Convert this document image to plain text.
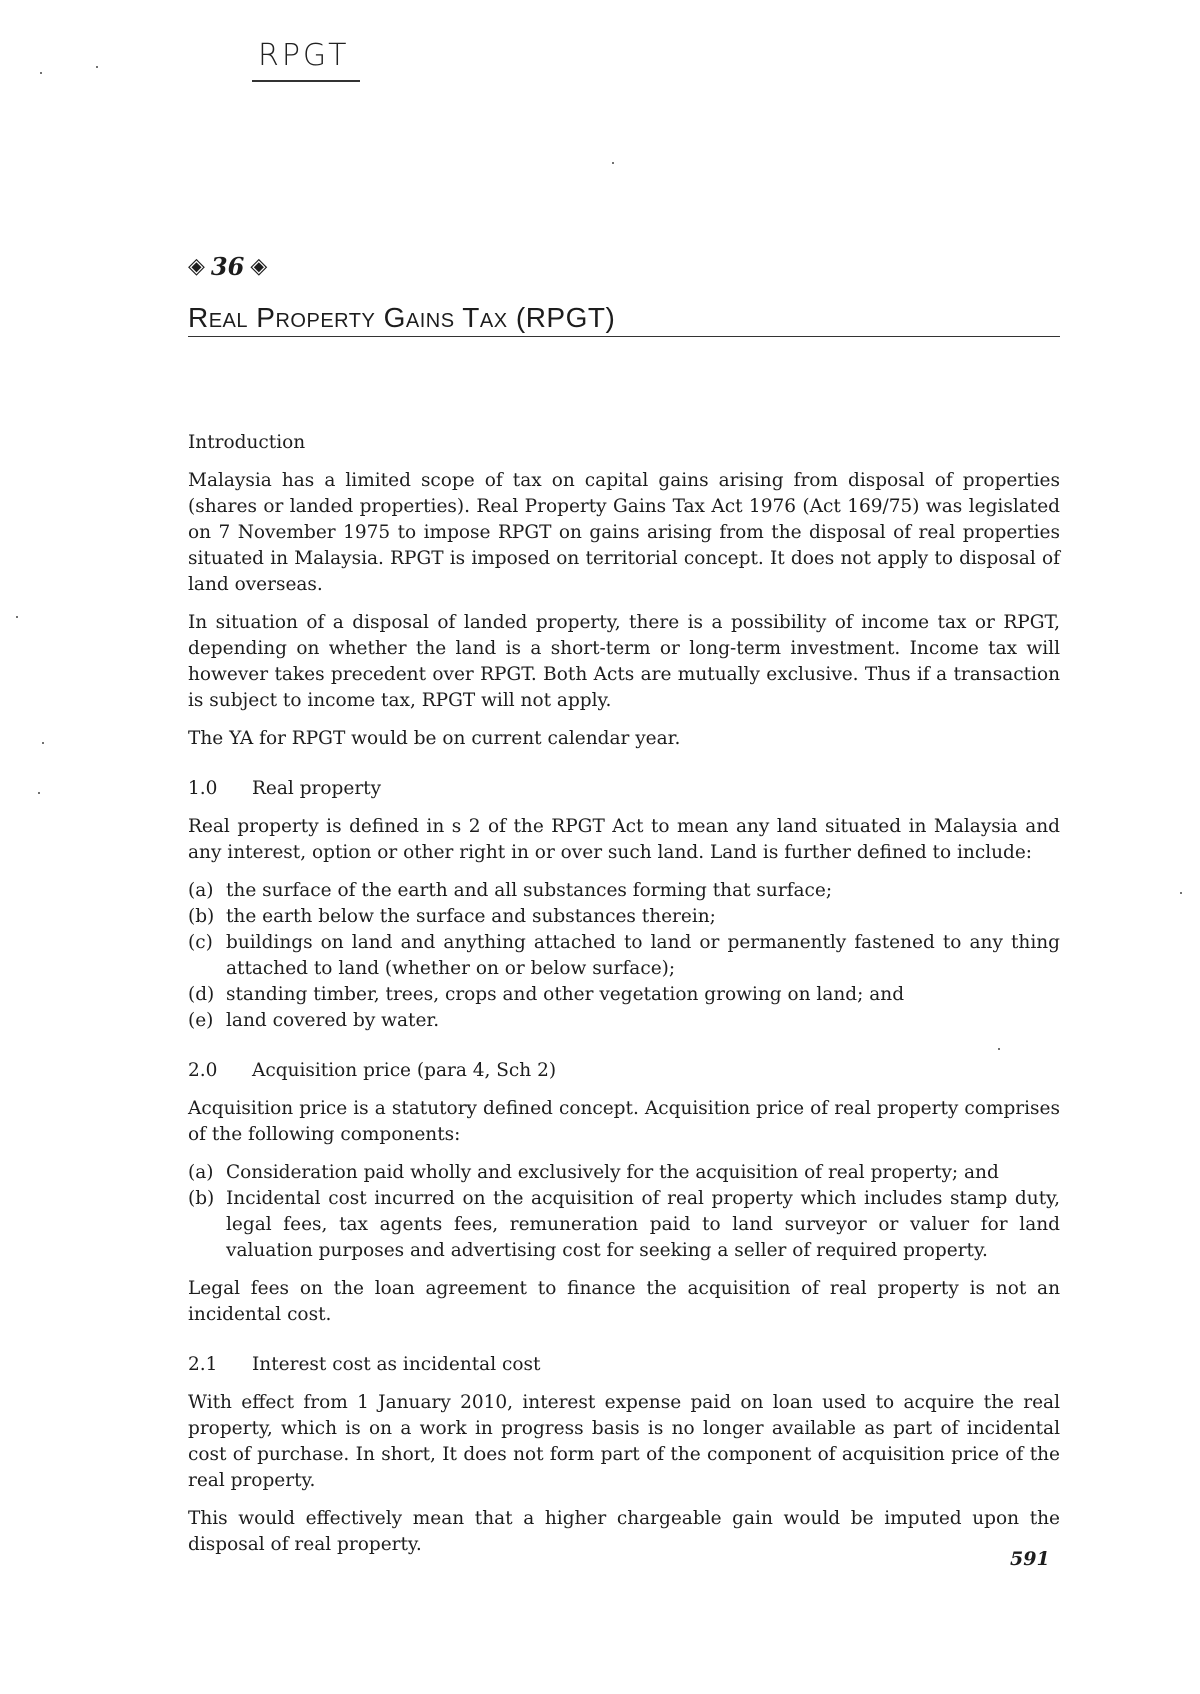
RPGT
◈ 36 ◈
Real Property Gains Tax (RPGT)
Introduction

Malaysia has a limited scope of tax on capital gains arising from disposal of properties (shares or landed properties). Real Property Gains Tax Act 1976 (Act 169/75) was legislated on 7 November 1975 to impose RPGT on gains arising from the disposal of real properties situated in Malaysia. RPGT is imposed on territorial concept. It does not apply to disposal of land overseas.

In situation of a disposal of landed property, there is a possibility of income tax or RPGT, depending on whether the land is a short-term or long-term investment. Income tax will however takes precedent over RPGT. Both Acts are mutually exclusive. Thus if a transaction is subject to income tax, RPGT will not apply.

The YA for RPGT would be on current calendar year.

1.0	Real property

Real property is defined in s 2 of the RPGT Act to mean any land situated in Malaysia and any interest, option or other right in or over such land. Land is further defined to include:

(a) the surface of the earth and all substances forming that surface;
(b) the earth below the surface and substances therein;
(c) buildings on land and anything attached to land or permanently fastened to any thing attached to land (whether on or below surface);
(d) standing timber, trees, crops and other vegetation growing on land; and
(e) land covered by water.
2.0	Acquisition price (para 4, Sch 2)

Acquisition price is a statutory defined concept. Acquisition price of real property comprises of the following components:

(a) Consideration paid wholly and exclusively for the acquisition of real property; and
(b) Incidental cost incurred on the acquisition of real property which includes stamp duty, legal fees, tax agents fees, remuneration paid to land surveyor or valuer for land valuation purposes and advertising cost for seeking a seller of required property.

Legal fees on the loan agreement to finance the acquisition of real property is not an incidental cost.

2.1	Interest cost as incidental cost

With effect from 1 January 2010, interest expense paid on loan used to acquire the real property, which is on a work in progress basis is no longer available as part of incidental cost of purchase. In short, It does not form part of the component of acquisition price of the real property.

This would effectively mean that a higher chargeable gain would be imputed upon the disposal of real property.

591
